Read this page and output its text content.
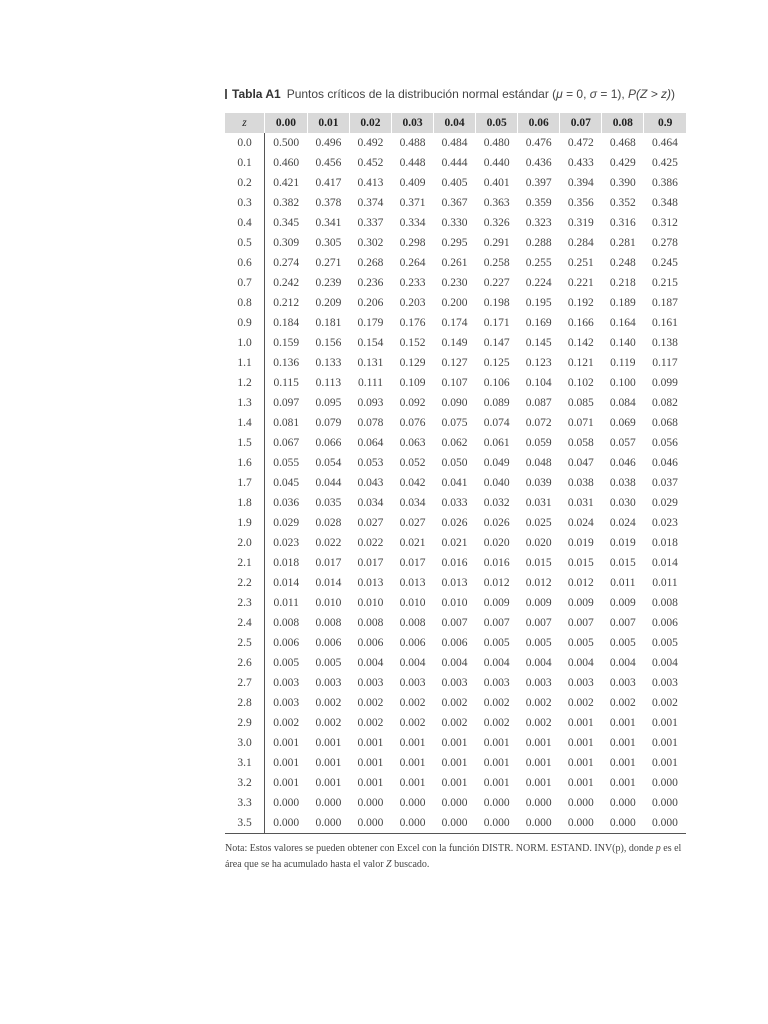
Tabla A1 Puntos críticos de la distribución normal estándar (μ = 0, σ = 1), P(Z > z))
z	0.00	0.01	0.02	0.03	0.04	0.05	0.06	0.07	0.08	0.9
0.0	0.500	0.496	0.492	0.488	0.484	0.480	0.476	0.472	0.468	0.464
0.1	0.460	0.456	0.452	0.448	0.444	0.440	0.436	0.433	0.429	0.425
0.2	0.421	0.417	0.413	0.409	0.405	0.401	0.397	0.394	0.390	0.386
0.3	0.382	0.378	0.374	0.371	0.367	0.363	0.359	0.356	0.352	0.348
0.4	0.345	0.341	0.337	0.334	0.330	0.326	0.323	0.319	0.316	0.312
0.5	0.309	0.305	0.302	0.298	0.295	0.291	0.288	0.284	0.281	0.278
0.6	0.274	0.271	0.268	0.264	0.261	0.258	0.255	0.251	0.248	0.245
0.7	0.242	0.239	0.236	0.233	0.230	0.227	0.224	0.221	0.218	0.215
0.8	0.212	0.209	0.206	0.203	0.200	0.198	0.195	0.192	0.189	0.187
0.9	0.184	0.181	0.179	0.176	0.174	0.171	0.169	0.166	0.164	0.161
1.0	0.159	0.156	0.154	0.152	0.149	0.147	0.145	0.142	0.140	0.138
1.1	0.136	0.133	0.131	0.129	0.127	0.125	0.123	0.121	0.119	0.117
1.2	0.115	0.113	0.111	0.109	0.107	0.106	0.104	0.102	0.100	0.099
1.3	0.097	0.095	0.093	0.092	0.090	0.089	0.087	0.085	0.084	0.082
1.4	0.081	0.079	0.078	0.076	0.075	0.074	0.072	0.071	0.069	0.068
1.5	0.067	0.066	0.064	0.063	0.062	0.061	0.059	0.058	0.057	0.056
1.6	0.055	0.054	0.053	0.052	0.050	0.049	0.048	0.047	0.046	0.046
1.7	0.045	0.044	0.043	0.042	0.041	0.040	0.039	0.038	0.038	0.037
1.8	0.036	0.035	0.034	0.034	0.033	0.032	0.031	0.031	0.030	0.029
1.9	0.029	0.028	0.027	0.027	0.026	0.026	0.025	0.024	0.024	0.023
2.0	0.023	0.022	0.022	0.021	0.021	0.020	0.020	0.019	0.019	0.018
2.1	0.018	0.017	0.017	0.017	0.016	0.016	0.015	0.015	0.015	0.014
2.2	0.014	0.014	0.013	0.013	0.013	0.012	0.012	0.012	0.011	0.011
2.3	0.011	0.010	0.010	0.010	0.010	0.009	0.009	0.009	0.009	0.008
2.4	0.008	0.008	0.008	0.008	0.007	0.007	0.007	0.007	0.007	0.006
2.5	0.006	0.006	0.006	0.006	0.006	0.005	0.005	0.005	0.005	0.005
2.6	0.005	0.005	0.004	0.004	0.004	0.004	0.004	0.004	0.004	0.004
2.7	0.003	0.003	0.003	0.003	0.003	0.003	0.003	0.003	0.003	0.003
2.8	0.003	0.002	0.002	0.002	0.002	0.002	0.002	0.002	0.002	0.002
2.9	0.002	0.002	0.002	0.002	0.002	0.002	0.002	0.001	0.001	0.001
3.0	0.001	0.001	0.001	0.001	0.001	0.001	0.001	0.001	0.001	0.001
3.1	0.001	0.001	0.001	0.001	0.001	0.001	0.001	0.001	0.001	0.001
3.2	0.001	0.001	0.001	0.001	0.001	0.001	0.001	0.001	0.001	0.000
3.3	0.000	0.000	0.000	0.000	0.000	0.000	0.000	0.000	0.000	0.000
3.5	0.000	0.000	0.000	0.000	0.000	0.000	0.000	0.000	0.000	0.000
Nota: Estos valores se pueden obtener con Excel con la función DISTR. NORM. ESTAND. INV(p), donde p es el área que se ha acumulado hasta el valor Z buscado.
